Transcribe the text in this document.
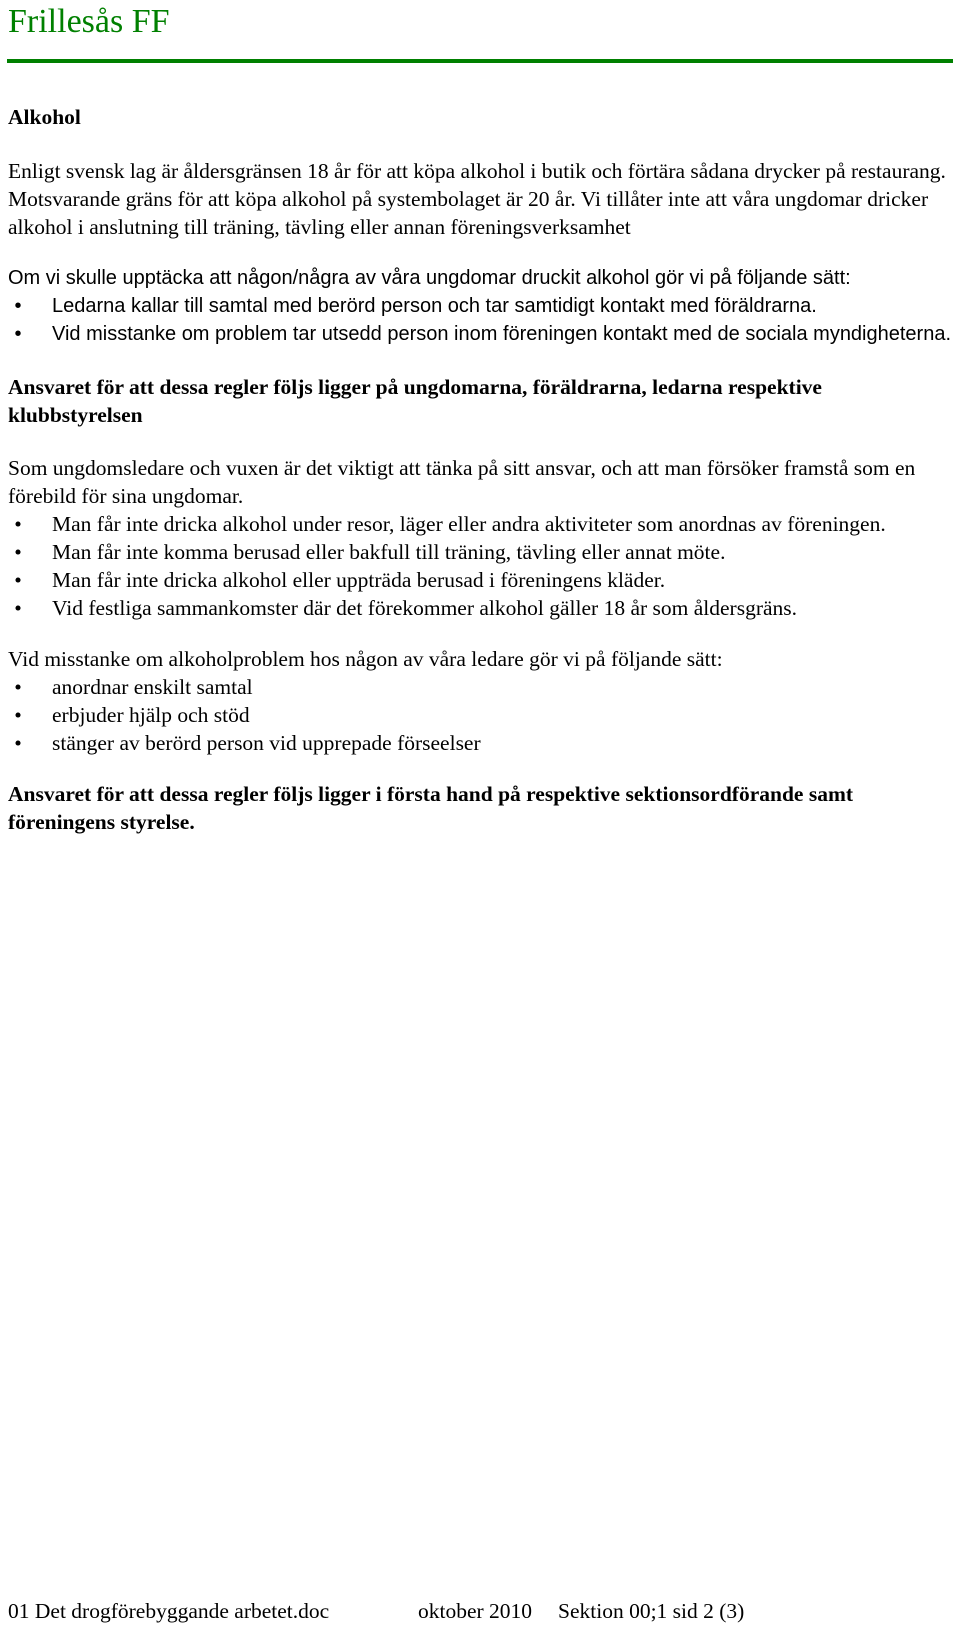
Frillesås FF
Alkohol

Enligt svensk lag är åldersgränsen 18 år för att köpa alkohol i butik och förtära sådana drycker på restaurang. Motsvarande gräns för att köpa alkohol på systembolaget är 20 år. Vi tillåter inte att våra ungdomar dricker alkohol i anslutning till träning, tävling eller annan föreningsverksamhet

Om vi skulle upptäcka att någon/några av våra ungdomar druckit alkohol gör vi på följande sätt:

• Ledarna kallar till samtal med berörd person och tar samtidigt kontakt med föräldrarna.
• Vid misstanke om problem tar utsedd person inom föreningen kontakt med de sociala myndigheterna.

Ansvaret för att dessa regler följs ligger på ungdomarna, föräldrarna, ledarna respektive klubbstyrelsen

Som ungdomsledare och vuxen är det viktigt att tänka på sitt ansvar, och att man försöker framstå som en förebild för sina ungdomar.

• Man får inte dricka alkohol under resor, läger eller andra aktiviteter som anordnas av föreningen.
• Man får inte komma berusad eller bakfull till träning, tävling eller annat möte.
• Man får inte dricka alkohol eller uppträda berusad i föreningens kläder.
• Vid festliga sammankomster där det förekommer alkohol gäller 18 år som åldersgräns.

Vid misstanke om alkoholproblem hos någon av våra ledare gör vi på följande sätt:

• anordnar enskilt samtal
• erbjuder hjälp och stöd
• stänger av berörd person vid upprepade förseelser

Ansvaret för att dessa regler följs ligger i första hand på respektive sektionsordförande samt föreningens styrelse.

01 Det drogförebyggande arbetet.doc	oktober 2010 Sektion 00;1 sid 2 (3)
